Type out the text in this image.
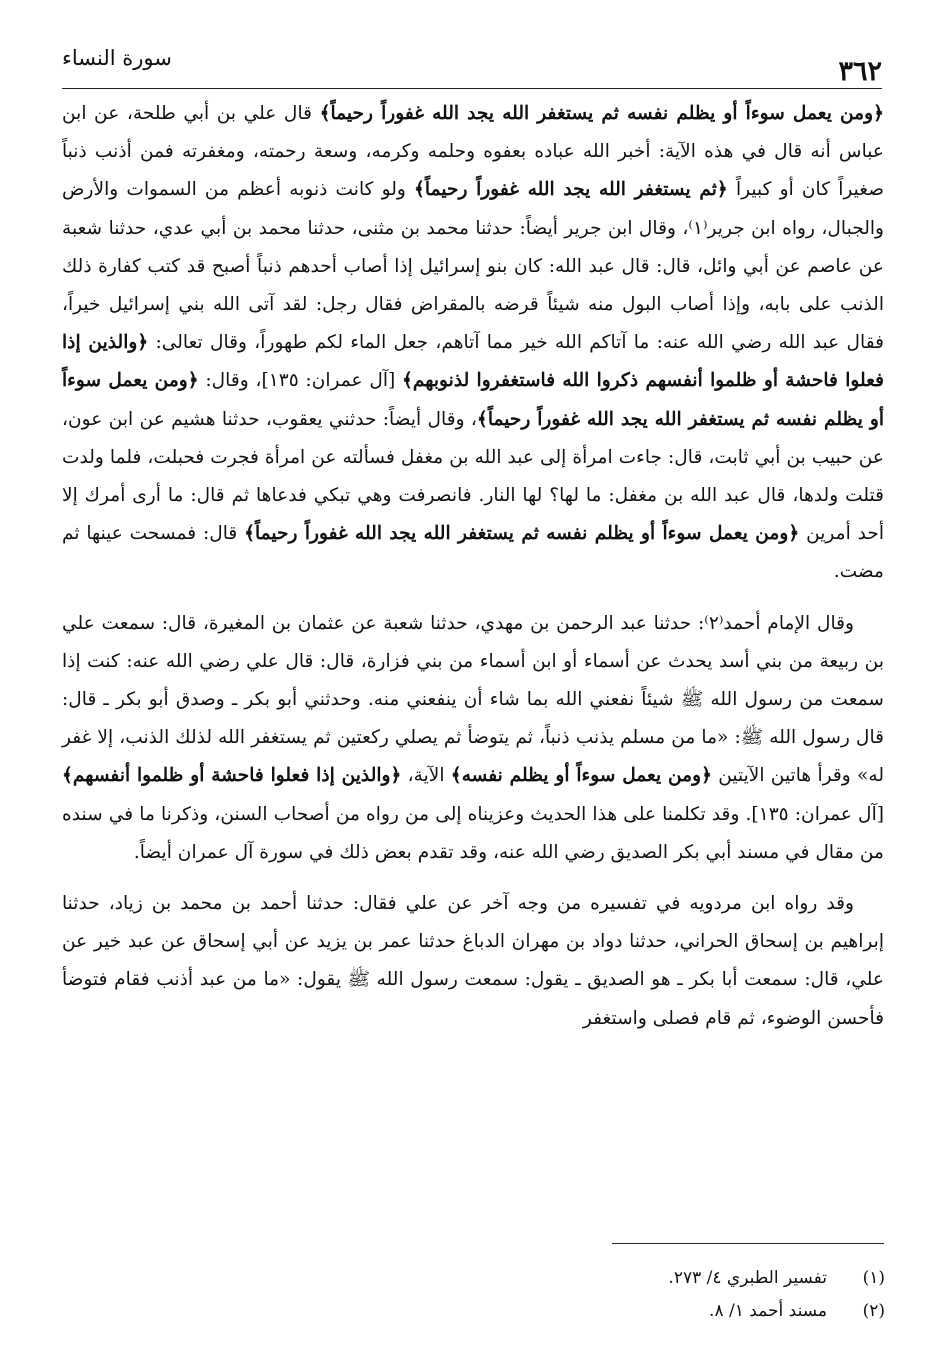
٣٦٢
سورة النساء

﴿ومن يعمل سوءاً أو يظلم نفسه ثم يستغفر الله يجد الله غفوراً رحيماً﴾ قال علي بن أبي طلحة، عن ابن عباس أنه قال في هذه الآية: أخبر الله عباده بعفوه وحلمه وكرمه، وسعة رحمته، ومغفرته فمن أذنب ذنباً صغيراً كان أو كبيراً ﴿ثم يستغفر الله يجد الله غفوراً رحيماً﴾ ولو كانت ذنوبه أعظم من السموات والأرض والجبال، رواه ابن جرير⁽١⁾، وقال ابن جرير أيضاً: حدثنا محمد بن مثنى، حدثنا محمد بن أبي عدي، حدثنا شعبة عن عاصم عن أبي وائل، قال: قال عبد الله: كان بنو إسرائيل إذا أصاب أحدهم ذنباً أصبح قد كتب كفارة ذلك الذنب على بابه، وإذا أصاب البول منه شيئاً قرضه بالمقراض فقال رجل: لقد آتى الله بني إسرائيل خيراً، فقال عبد الله رضي الله عنه: ما آتاكم الله خير مما آتاهم، جعل الماء لكم طهوراً، وقال تعالى: ﴿والذين إذا فعلوا فاحشة أو ظلموا أنفسهم ذكروا الله فاستغفروا لذنوبهم﴾ [آل عمران: ١٣٥]، وقال: ﴿ومن يعمل سوءاً أو يظلم نفسه ثم يستغفر الله يجد الله غفوراً رحيماً﴾، وقال أيضاً: حدثني يعقوب، حدثنا هشيم عن ابن عون، عن حبيب بن أبي ثابت، قال: جاءت امرأة إلى عبد الله بن مغفل فسألته عن امرأة فجرت فحبلت، فلما ولدت قتلت ولدها، قال عبد الله بن مغفل: ما لها؟ لها النار. فانصرفت وهي تبكي فدعاها ثم قال: ما أرى أمرك إلا أحد أمرين ﴿ومن يعمل سوءاً أو يظلم نفسه ثم يستغفر الله يجد الله غفوراً رحيماً﴾ قال: فمسحت عينها ثم مضت.

وقال الإمام أحمد⁽٢⁾: حدثنا عبد الرحمن بن مهدي، حدثنا شعبة عن عثمان بن المغيرة، قال: سمعت علي بن ربيعة من بني أسد يحدث عن أسماء أو ابن أسماء من بني فزارة، قال: قال علي رضي الله عنه: كنت إذا سمعت من رسول الله ﷺ شيئاً نفعني الله بما شاء أن ينفعني منه. وحدثني أبو بكر ـ وصدق أبو بكر ـ قال: قال رسول الله ﷺ: «ما من مسلم يذنب ذنباً، ثم يتوضأ ثم يصلي ركعتين ثم يستغفر الله لذلك الذنب، إلا غفر له» وقرأ هاتين الآيتين ﴿ومن يعمل سوءاً أو يظلم نفسه﴾ الآية، ﴿والذين إذا فعلوا فاحشة أو ظلموا أنفسهم﴾ [آل عمران: ١٣٥]. وقد تكلمنا على هذا الحديث وعزيناه إلى من رواه من أصحاب السنن، وذكرنا ما في سنده من مقال في مسند أبي بكر الصديق رضي الله عنه، وقد تقدم بعض ذلك في سورة آل عمران أيضاً.

وقد رواه ابن مردويه في تفسيره من وجه آخر عن علي فقال: حدثنا أحمد بن محمد بن زياد، حدثنا إبراهيم بن إسحاق الحراني، حدثنا دواد بن مهران الدباغ حدثنا عمر بن يزيد عن أبي إسحاق عن عبد خير عن علي، قال: سمعت أبا بكر ـ هو الصديق ـ يقول: سمعت رسول الله ﷺ يقول: «ما من عبد أذنب فقام فتوضأ فأحسن الوضوء، ثم قام فصلى واستغفر

(١)
تفسير الطبري ٤/ ٢٧٣.
(٢)
مسند أحمد ١/ ٨.
